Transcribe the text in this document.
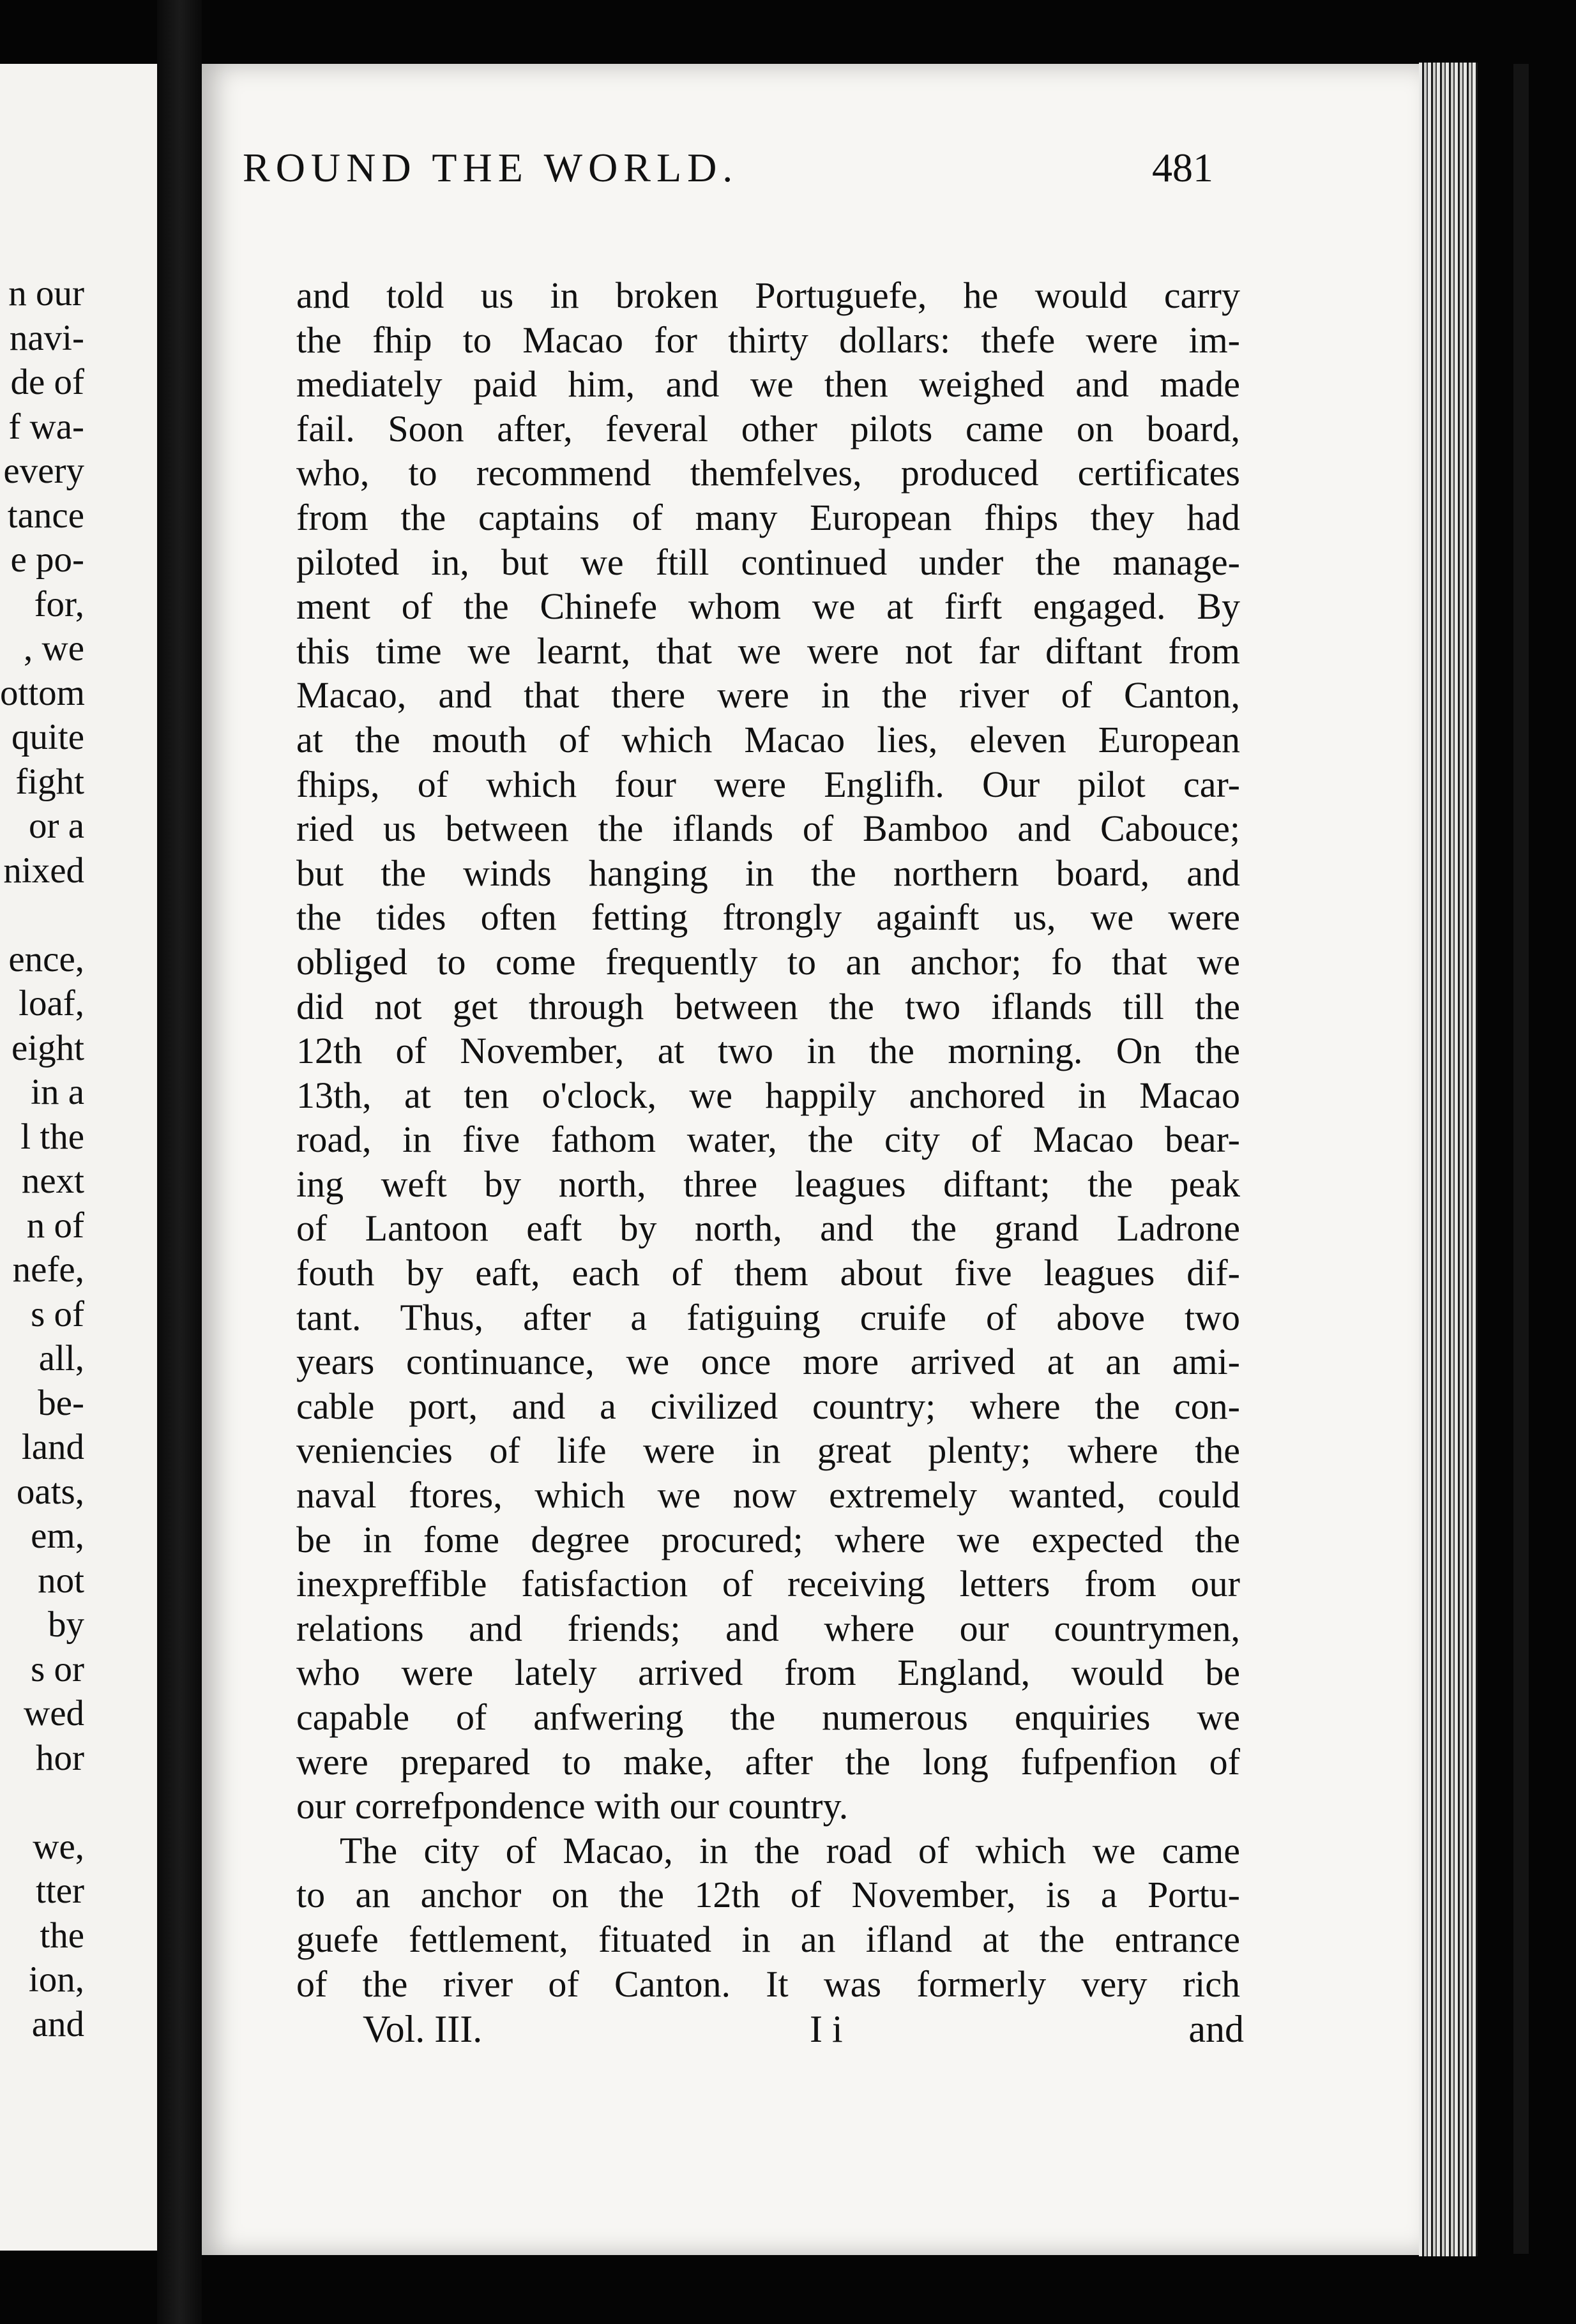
n our
navi-
de of
f wa-
every
tance
e po-
for,
, we
ottom
quite
fight
or a
nixed
ence,
loaf,
eight
in a
l the
next
n of
nefe,
s of
all,
be-
land
oats,
em,
not
by
s or
wed
hor
we,
tter
the
ion,
and
ROUND THE WORLD.	481
and told us in broken Portuguefe, he would carry
the fhip to Macao for thirty dollars: thefe were im-
mediately paid him, and we then weighed and made
fail. Soon after, feveral other pilots came on board,
who, to recommend themfelves, produced certificates
from the captains of many European fhips they had
piloted in, but we ftill continued under the manage-
ment of the Chinefe whom we at firft engaged. By
this time we learnt, that we were not far diftant from
Macao, and that there were in the river of Canton,
at the mouth of which Macao lies, eleven European
fhips, of which four were Englifh. Our pilot car-
ried us between the iflands of Bamboo and Cabouce;
but the winds hanging in the northern board, and
the tides often fetting ftrongly againft us, we were
obliged to come frequently to an anchor; fo that we
did not get through between the two iflands till the
12th of November, at two in the morning. On the
13th, at ten o'clock, we happily anchored in Macao
road, in five fathom water, the city of Macao bear-
ing weft by north, three leagues diftant; the peak
of Lantoon eaft by north, and the grand Ladrone
fouth by eaft, each of them about five leagues dif-
tant. Thus, after a fatiguing cruife of above two
years continuance, we once more arrived at an ami-
cable port, and a civilized country; where the con-
veniencies of life were in great plenty; where the
naval ftores, which we now extremely wanted, could
be in fome degree procured; where we expected the
inexpreffible fatisfaction of receiving letters from our
relations and friends; and where our countrymen,
who were lately arrived from England, would be
capable of anfwering the numerous enquiries we
were prepared to make, after the long fufpenfion of
our correfpondence with our country.
The city of Macao, in the road of which we came
to an anchor on the 12th of November, is a Portu-
guefe fettlement, fituated in an ifland at the entrance
of the river of Canton. It was formerly very rich
Vol. III.	I i	and
